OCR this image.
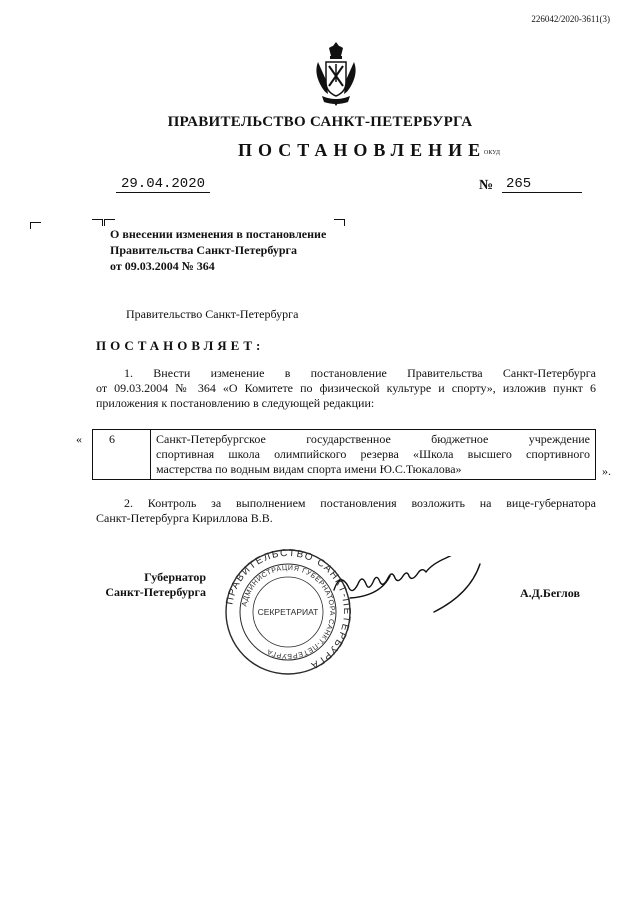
226042/2020-3611(3)
ПРАВИТЕЛЬСТВО САНКТ-ПЕТЕРБУРГА
ПОСТАНОВЛЕНИЕ
ОКУД
29.04.2020	№ 265
О внесении изменения в постановление
Правительства Санкт-Петербурга
от 09.03.2004 № 364
Правительство Санкт-Петербурга
ПОСТАНОВЛЯЕТ:
1. Внести изменение в постановление Правительства Санкт-Петербурга
от 09.03.2004 № 364 «О Комитете по физической культуре и спорту», изложив пункт 6
приложения к постановлению в следующей редакции:
« 6	Санкт-Петербургское государственное бюджетное учреждение
спортивная школа олимпийского резерва «Школа высшего спортивного
мастерства по водным видам спорта имени Ю.С.Тюкалова»	».
2. Контроль за выполнением постановления возложить на вице-губернатора
Санкт-Петербурга Кириллова В.В.
Губернатор
Санкт-Петербурга
ПРАВИТЕЛЬСТВО САНКТ-ПЕТЕРБУРГА
АДМИНИСТРАЦИЯ ГУБЕРНАТОРА САНКТ-ПЕТЕРБУРГА
СЕКРЕТАРИАТ
А.Д.Беглов
